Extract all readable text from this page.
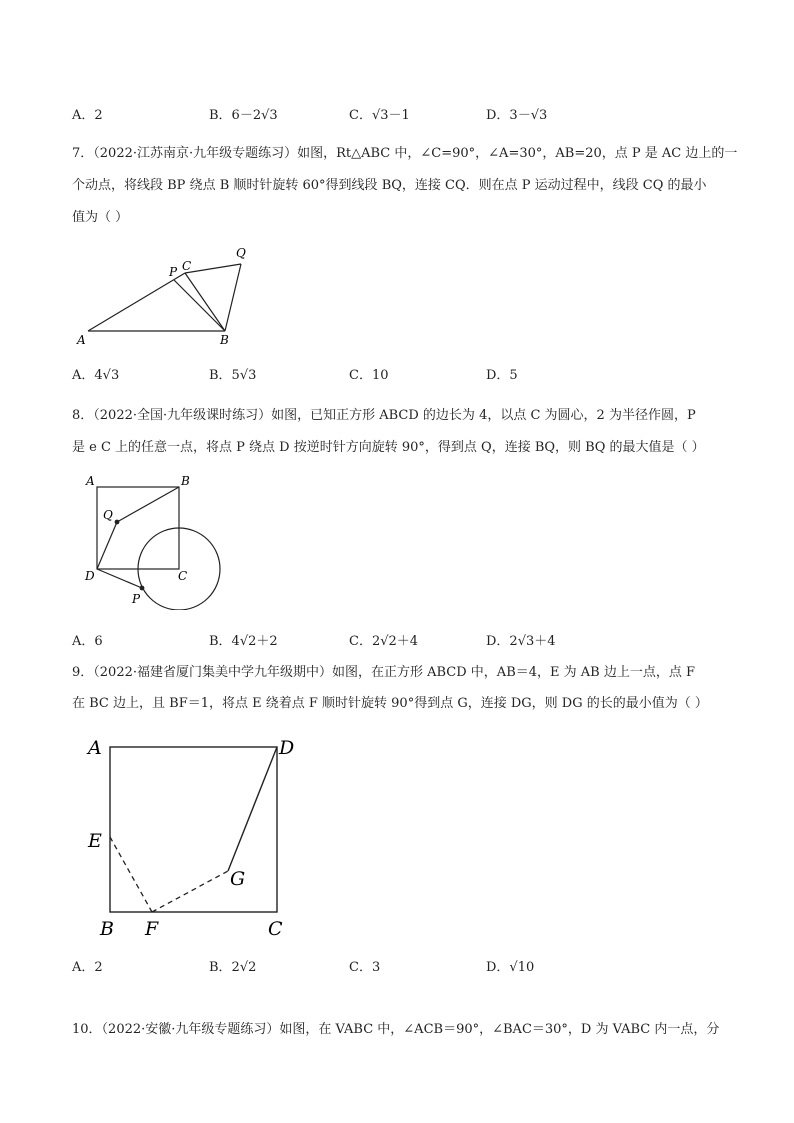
A．2	B．6－2√3	C．√3－1	D．3－√3
7．（2022·江苏南京·九年级专题练习）如图，Rt△ABC 中，∠C=90°，∠A=30°，AB=20，点 P 是 AC 边上的一
个动点，将线段 BP 绕点 B 顺时针旋转 60°得到线段 BQ，连接 CQ．则在点 P 运动过程中，线段 CQ 的最小
值为（ ）
A	B
C
P
Q
A．4√3	B．5√3	C．10	D．5
8．（2022·全国·九年级课时练习）如图，已知正方形 ABCD 的边长为 4，以点 C 为圆心，2 为半径作圆，P
是 e C 上的任意一点，将点 P 绕点 D 按逆时针方向旋转 90°，得到点 Q，连接 BQ，则 BQ 的最大值是（ ）
A	B
C
D
Q
P
A．6	B．4√2＋2	C．2√2＋4	D．2√3＋4
9．（2022·福建省厦门集美中学九年级期中）如图，在正方形 ABCD 中，AB＝4，E 为 AB 边上一点，点 F
在 BC 边上，且 BF＝1，将点 E 绕着点 F 顺时针旋转 90°得到点 G，连接 DG，则 DG 的长的最小值为（ ）
A	D
E
G
B F	C
A．2	B．2√2	C．3	D．√10
10．（2022·安徽·九年级专题练习）如图，在 VABC 中，∠ACB＝90°，∠BAC＝30°，D 为 VABC 内一点，分
